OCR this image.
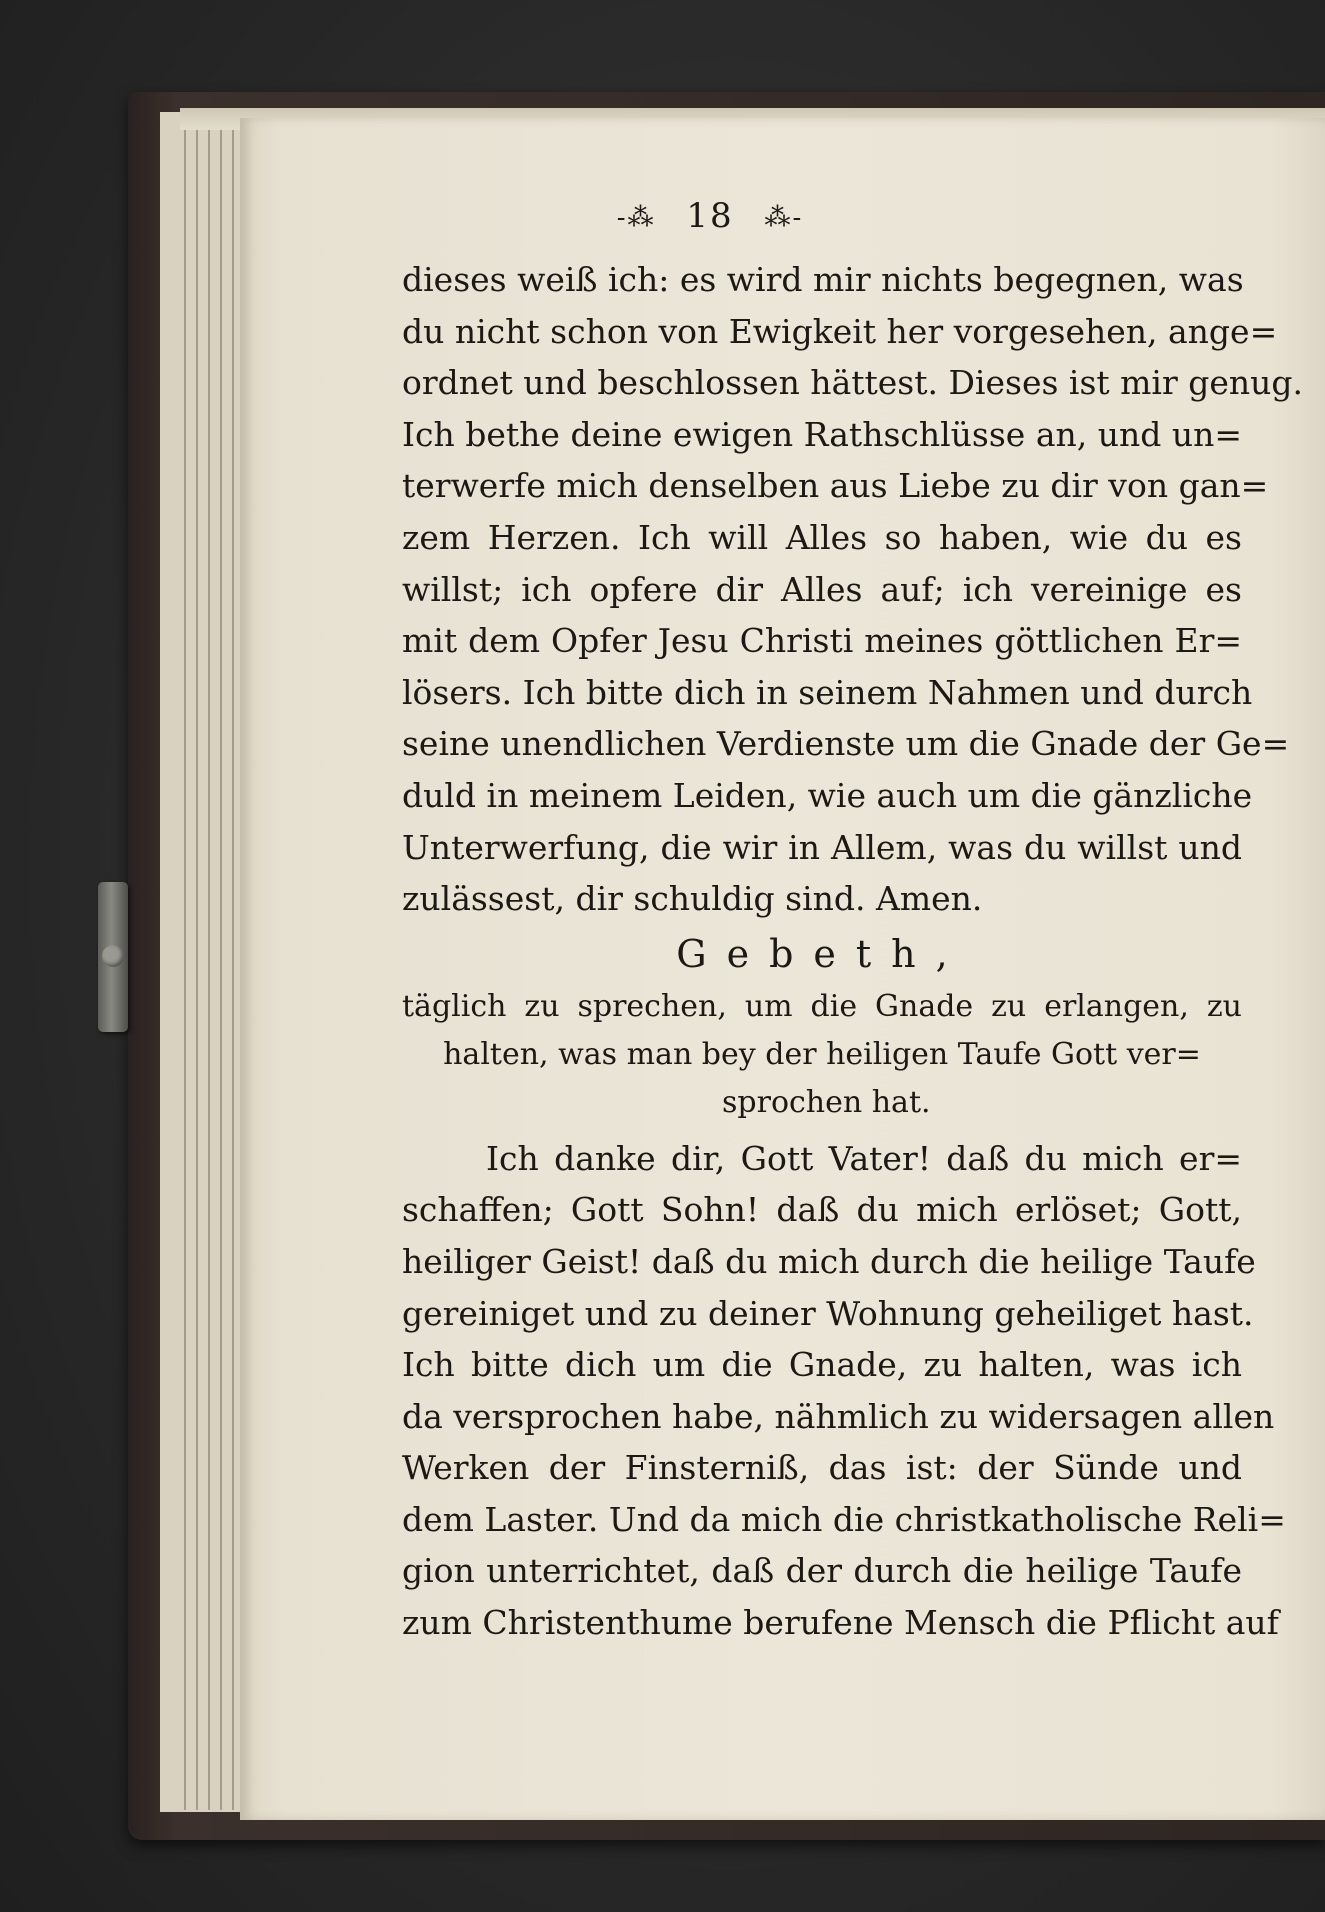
-⁂ 18 ⁂-
dieses weiß ich: es wird mir nichts begegnen, was
du nicht schon von Ewigkeit her vorgesehen, ange=
ordnet und beschlossen hättest. Dieses ist mir genug.
Ich bethe deine ewigen Rathschlüsse an, und un=
terwerfe mich denselben aus Liebe zu dir von gan=
zem Herzen. Ich will Alles so haben, wie du es
willst; ich opfere dir Alles auf; ich vereinige es
mit dem Opfer Jesu Christi meines göttlichen Er=
lösers. Ich bitte dich in seinem Nahmen und durch
seine unendlichen Verdienste um die Gnade der Ge=
duld in meinem Leiden, wie auch um die gänzliche
Unterwerfung, die wir in Allem, was du willst und
zulässest, dir schuldig sind. Amen.
Gebeth,
täglich zu sprechen, um die Gnade zu erlangen, zu
halten, was man bey der heiligen Taufe Gott ver=
sprochen hat.
Ich danke dir, Gott Vater! daß du mich er=
schaffen; Gott Sohn! daß du mich erlöset; Gott,
heiliger Geist! daß du mich durch die heilige Taufe
gereiniget und zu deiner Wohnung geheiliget hast.
Ich bitte dich um die Gnade, zu halten, was ich
da versprochen habe, nähmlich zu widersagen allen
Werken der Finsterniß, das ist: der Sünde und
dem Laster. Und da mich die christkatholische Reli=
gion unterrichtet, daß der durch die heilige Taufe
zum Christenthume berufene Mensch die Pflicht auf
